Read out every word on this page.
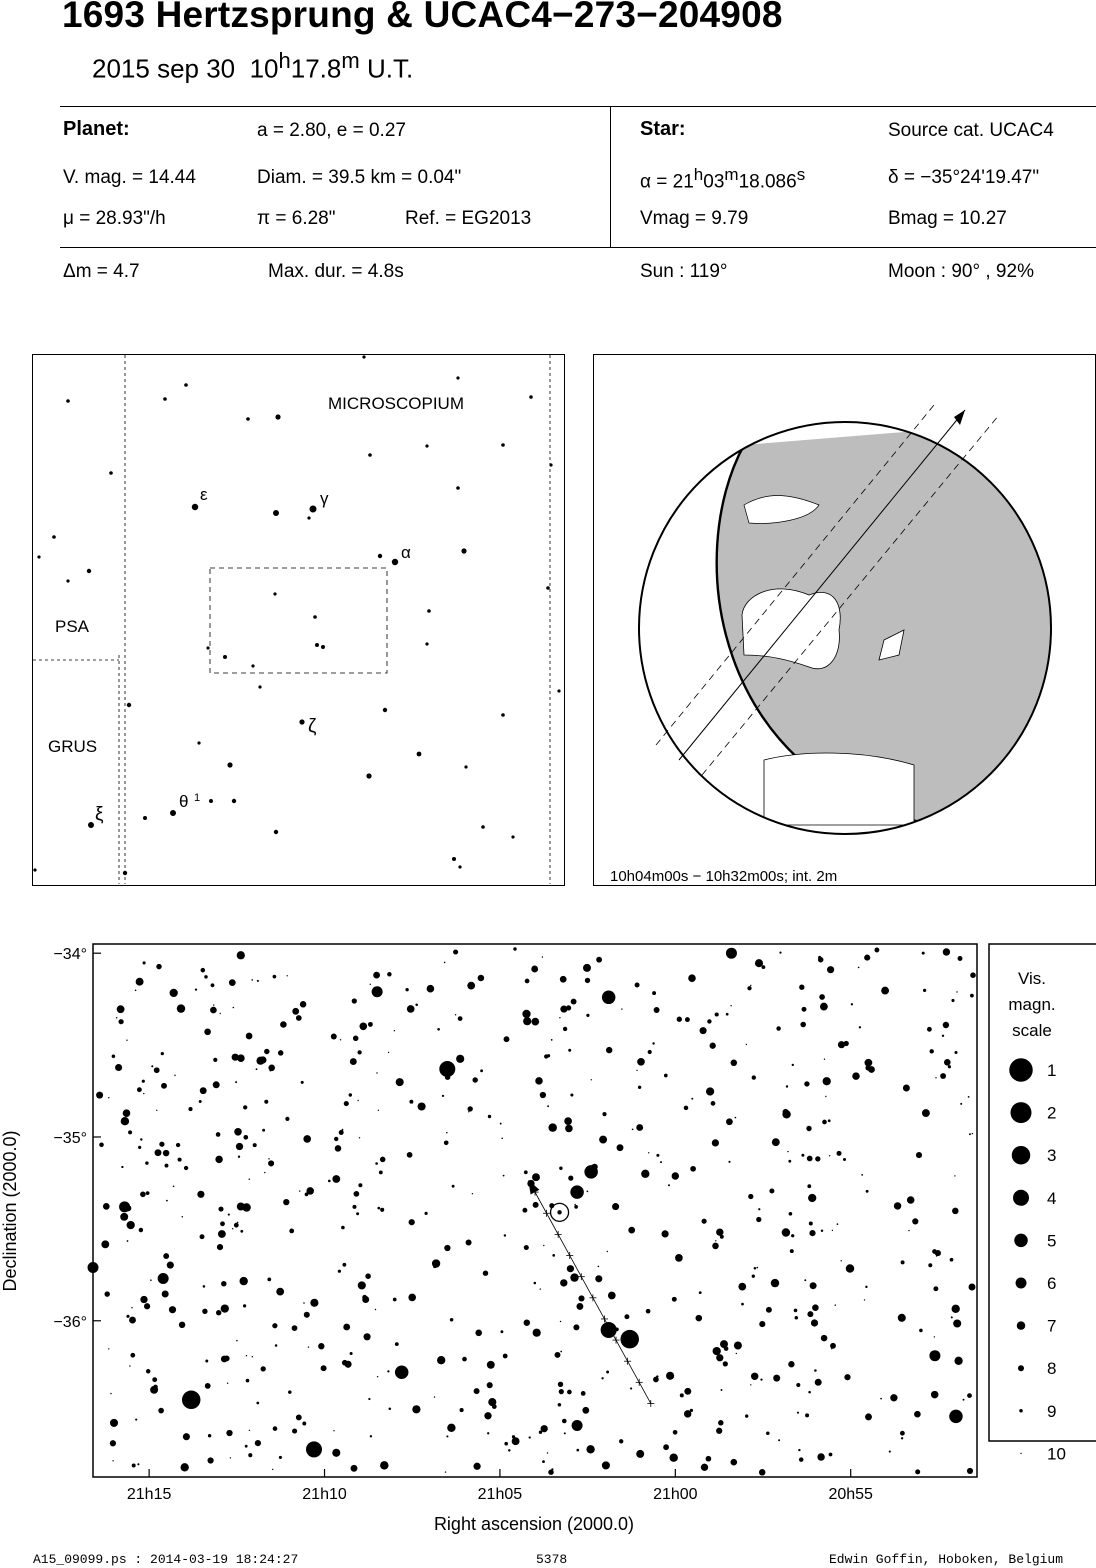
1693 Hertzsprung & UCAC4−273−204908
2015 sep 30 10$^h$17.8$^m$ U.T.
Planet:	a = 2.80, e = 0.27
V. mag. = 14.44	Diam. = 39.5 km = 0.04"
μ = 28.93"/h	π = 6.28"	Ref. = EG2013
Δm = 4.7	Max. dur. = 4.8s
Star:	Source cat. UCAC4
$\alpha = 21^h03^m18.086^s$	δ = −35°24'19.47"
Vmag = 9.79	Bmag = 10.27
Sun : 119°	Moon : 90° , 92%
MICROSCOPIUM
PSA
GRUS
ε	γ
α
ζ
θ 1
ξ
10h04m00s − 10h32m00s; int. 2m
−34°
−35°
−36°
21h15	21h10	21h05	21h00	20h55
Right ascension (2000.0)
Declination (2000.0)
Vis.
magn.
scale
1
2
3
4
5
6
7
8
9
10
A15_09099.ps : 2014-03-19 18:24:27	5378	Edwin Goffin, Hoboken, Belgium
